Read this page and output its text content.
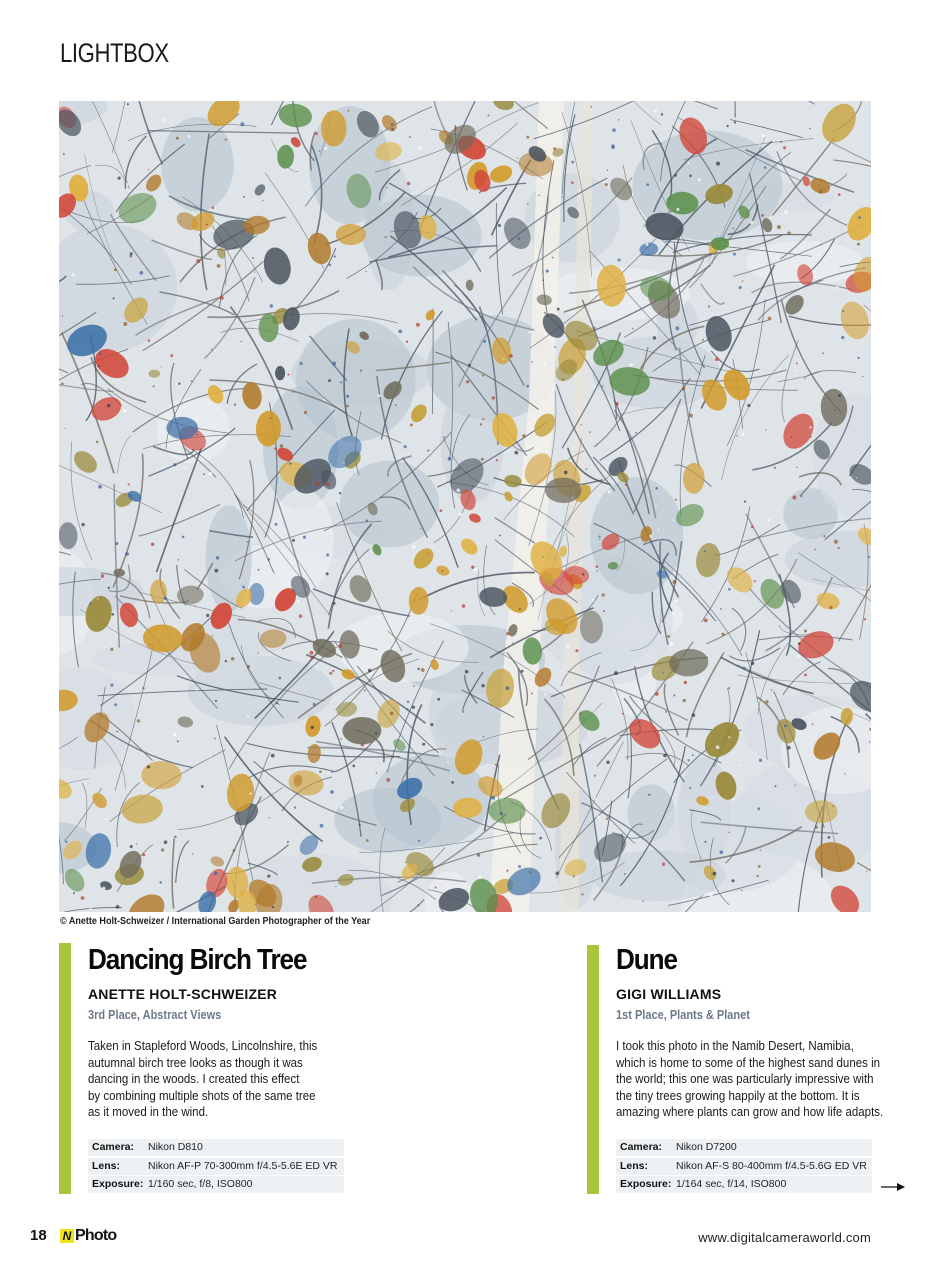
LIGHTBOX
© Anette Holt-Schweizer / International Garden Photographer of the Year
Dancing Birch Tree
ANETTE HOLT-SCHWEIZER
3rd Place, Abstract Views
Taken in Stapleford Woods, Lincolnshire, this
autumnal birch tree looks as though it was
dancing in the woods. I created this effect
by combining multiple shots of the same tree
as it moved in the wind.
Camera:	Nikon D810
Lens:	Nikon AF-P 70-300mm f/4.5-5.6E ED VR
Exposure: 1/160 sec, f/8, ISO800
Dune
GIGI WILLIAMS
1st Place, Plants & Planet
I took this photo in the Namib Desert, Namibia,
which is home to some of the highest sand dunes in
the world; this one was particularly impressive with
the tiny trees growing happily at the bottom. It is
amazing where plants can grow and how life adapts.
Camera:	Nikon D7200
Lens:	Nikon AF-S 80-400mm f/4.5-5.6G ED VR
Exposure: 1/164 sec, f/14, ISO800
18 N Photo	www.digitalcameraworld.com
